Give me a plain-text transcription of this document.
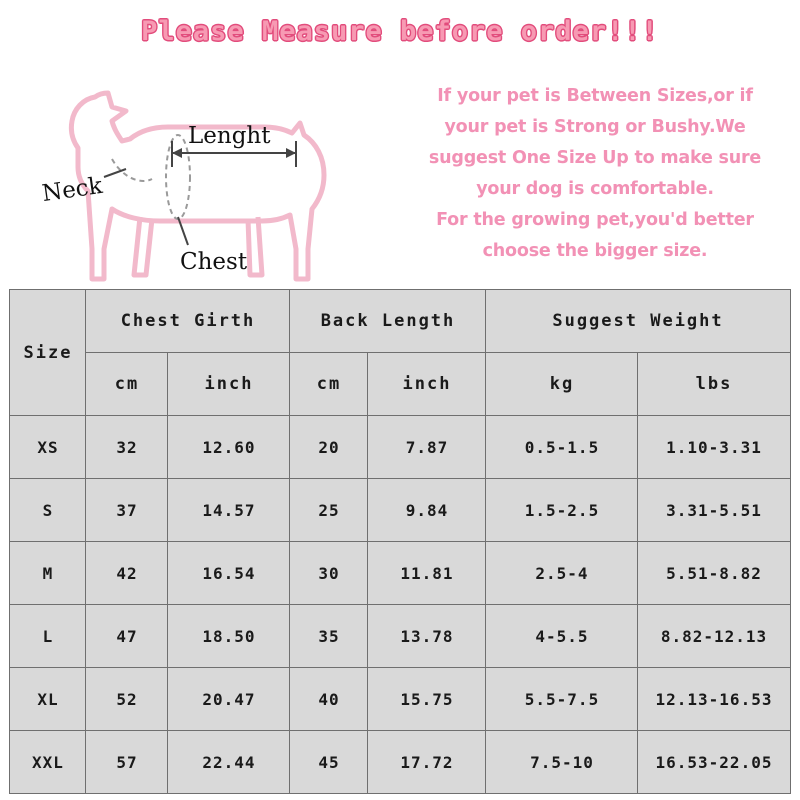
Please Measure before order!!!
Neck
Lenght
Chest

If your pet is Between Sizes,or if

your pet is Strong or Bushy.We

suggest One Size Up to make sure

your dog is comfortable.

For the growing pet,you'd better

choose the bigger size.

Size	Chest Girth		Back Length		Suggest Weight	
	cm	inch	cm	inch	kg	lbs
XS	32	12.60	20	7.87	0.5-1.5	1.10-3.31
S	37	14.57	25	9.84	1.5-2.5	3.31-5.51
M	42	16.54	30	11.81	2.5-4	5.51-8.82
L	47	18.50	35	13.78	4-5.5	8.82-12.13
XL	52	20.47	40	15.75	5.5-7.5	12.13-16.53
XXL	57	22.44	45	17.72	7.5-10	16.53-22.05
